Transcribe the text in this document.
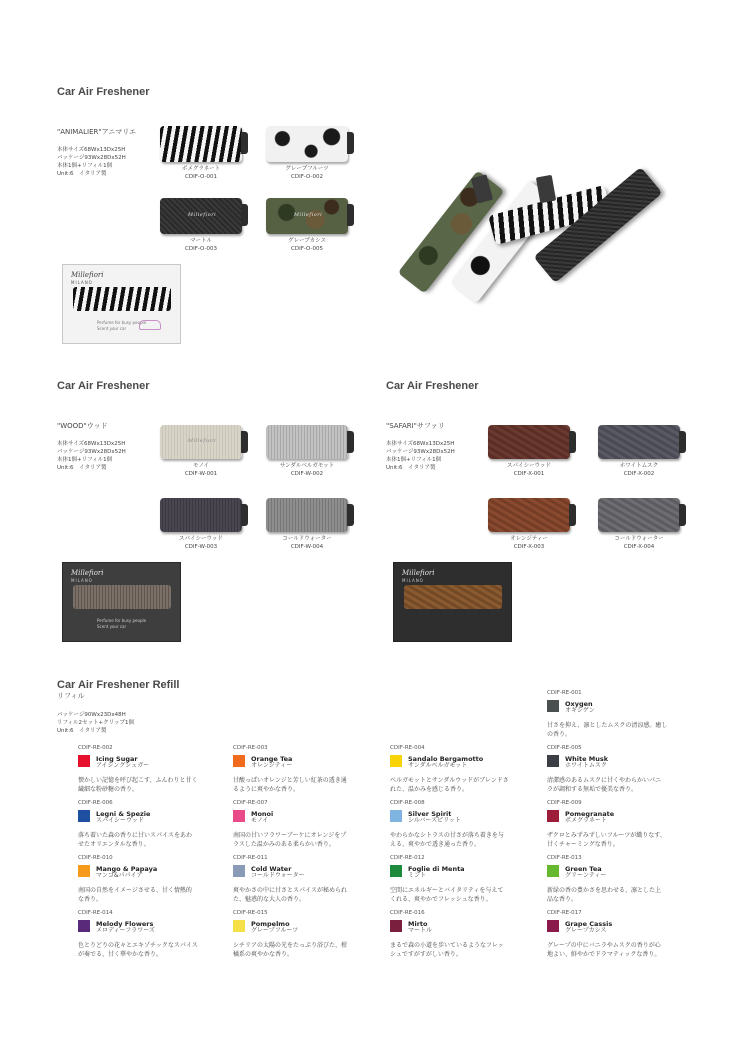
Car Air Freshener
"ANIMALIER"アニマリエ
本体サイズ68Wx13Dx25H
パッケージ93Wx28Dx52H
本体1個+リフィル1個
Unit:6　イタリア製
ボメグラネート
CDIF-O-001
グレープフルーツ
CDIF-O-002
Millefiori
マートル
CDIF-O-003
Millefiori
グレープカシス
CDIF-O-005
Millefiori
MILANO
Perfume for busy people
Scent your car
Car Air Freshener
"WOOD"ウッド
本体サイズ68Wx13Dx25H
パッケージ93Wx28Dx52H
本体1個+リフィル1個
Unit:6　イタリア製
Millefiori
モノイ
CDIF-W-001
サンダルベルガモット
CDIF-W-002
スパイシーウッド
CDIF-W-003
コールドウォーター
CDIF-W-004
Millefiori
MILANO
Perfume for busy people
Scent your car
Car Air Freshener
"SAFARI"サファリ
本体サイズ68Wx13Dx25H
パッケージ93Wx28Dx52H
本体1個+リフィル1個
Unit:6　イタリア製	スパイシーウッド
CDIF-X-001
ホワイトムスク
CDIF-X-002
オレンジティー
CDIF-X-003
コールドウォーター
CDIF-X-004
Millefiori
MILANO
Car Air Freshener Refill
リフィル
パッケージ90Wx23Dx48H
リフィル2セット+クリップ1個
Unit:6　イタリア製
CDIF-RE-001
Oxygen
オキシゲン
甘さを抑え、凛としたムスクの清涼感。癒し
の香り。
CDIF-RE-002
Icing Sugar
アイシングシュガー
懐かしい記憶を呼び起こす、ふんわりと甘く
繊細な粉砂糖の香り。
CDIF-RE-003
Orange Tea
オレンジティー
甘酸っぱいオレンジと芳しい紅茶の透き通
るように爽やかな香り。
CDIF-RE-004
Sandalo Bergamotto
サンダルベルガモット
ベルガモットとサンダルウッドがブレンドさ
れた、温かみを感じる香り。
CDIF-RE-005
White Musk
ホワイトムスク
清潔感のあるムスクに甘くやわらかいパニ
ラが調和する無垢で優美な香り。
CDIF-RE-006
Legni & Spezie
スパイシーウッド
落ち着いた森の香りに甘いスパイスをあわ
せたオリエンタルな香り。
CDIF-RE-007
Monoi
モノイ
南国の甘いフラワーブーケにオレンジをプ
ラスした温かみのある柔らかい香り。
CDIF-RE-008
Silver Spirit
シルバースピリット
やわらかなシトラスの甘さが落ち着きを与
える、爽やかで透き通った香り。
CDIF-RE-009
Pomegranate
ポメグラネート
ザクロとみずみずしいフルーツが織りなす、
甘くチャーミングな香り。
CDIF-RE-010
Mango & Papaya
マンゴ&パパイア
南国の自然をイメージさせる、甘く情熱的
な香り。
CDIF-RE-011
Cold Water
コールドウォーター
爽やかさの中に甘さとスパイスが秘められ
た、魅惑的な大人の香り。
CDIF-RE-012
Foglie di Menta
ミント
空間にエネルギーとバイタリティを与えて
くれる、爽やかでフレッシュな香り。
CDIF-RE-013
Green Tea
グリーンティー
新緑の香の豊かさを思わせる、凛とした上
品な香り。
CDIF-RE-014
Melody Flowers
メロディーフラワーズ
色とりどりの花々とエキゾチックなスパイス
が奏でる、甘く華やかな香り。
CDIF-RE-015
Pompelmo
グレープフルーツ
シチリアの太陽の光をたっぷり浴びた、柑
橘系の爽やかな香り。
CDIF-RE-016
Mirto
マートル
まるで森の小道を歩いているようなフレッ
シュですがすがしい香り。
CDIF-RE-017
Grape Cassis
グレープカシス
グレープの中にバニラやムスクの香りが心
地よい、鮮やかでドラマティックな香り。
